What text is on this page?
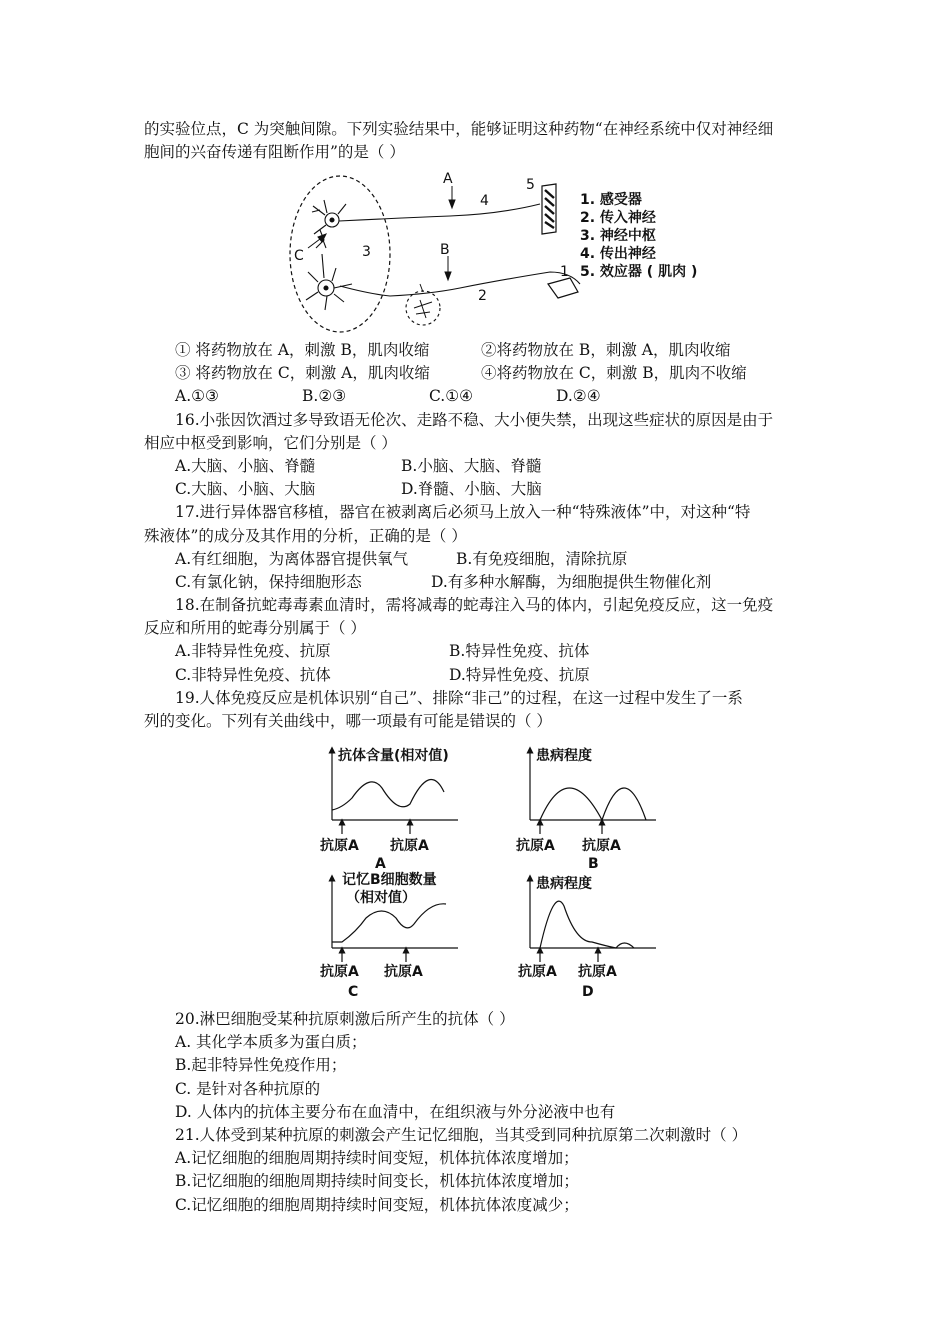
的实验位点，C 为突触间隙。下列实验结果中，能够证明这种药物“在神经系统中仅对神经细
胞间的兴奋传递有阻断作用”的是（ ）
A
B
C	3
4
5
2
1
1. 感受器
2. 传入神经
3. 神经中枢
4. 传出神经
5. 效应器 ( 肌肉 )
① 将药物放在 A，刺激 B，肌肉收缩	②将药物放在 B，刺激 A，肌肉收缩
③ 将药物放在 C，刺激 A，肌肉收缩	④将药物放在 C，刺激 B，肌肉不收缩
A.①③	B.②③	C.①④	D.②④
16.小张因饮酒过多导致语无伦次、走路不稳、大小便失禁，出现这些症状的原因是由于
相应中枢受到影响，它们分别是（ ）
A.大脑、小脑、脊髓	B.小脑、大脑、脊髓
C.大脑、小脑、大脑	D.脊髓、小脑、大脑
17.进行异体器官移植，器官在被剥离后必须马上放入一种“特殊液体”中，对这种“特
殊液体”的成分及其作用的分析，正确的是（ ）
A.有红细胞，为离体器官提供氧气	B.有免疫细胞，清除抗原
C.有氯化钠，保持细胞形态	D.有多种水解酶，为细胞提供生物催化剂
18.在制备抗蛇毒毒素血清时，需将减毒的蛇毒注入马的体内，引起免疫反应，这一免疫
反应和所用的蛇毒分别属于（ ）
A.非特异性免疫、抗原	B.特异性免疫、抗体
C.非特异性免疫、抗体	D.特异性免疫、抗原
19.人体免疫反应是机体识别“自己”、排除“非己”的过程，在这一过程中发生了一系
列的变化。下列有关曲线中，哪一项最有可能是错误的（ ）
抗体含量(相对值)
抗原A 抗原A
A
患病程度
抗原A 抗原A
B
记忆B细胞数量
（相对值）
抗原A 抗原A
C
患病程度
抗原A 抗原A
D
20.淋巴细胞受某种抗原刺激后所产生的抗体（ ）
A. 其化学本质多为蛋白质；
B.起非特异性免疫作用；
C. 是针对各种抗原的
D. 人体内的抗体主要分布在血清中，在组织液与外分泌液中也有
21.人体受到某种抗原的刺激会产生记忆细胞，当其受到同种抗原第二次刺激时（ ）
A.记忆细胞的细胞周期持续时间变短，机体抗体浓度增加；
B.记忆细胞的细胞周期持续时间变长，机体抗体浓度增加；
C.记忆细胞的细胞周期持续时间变短，机体抗体浓度减少；
